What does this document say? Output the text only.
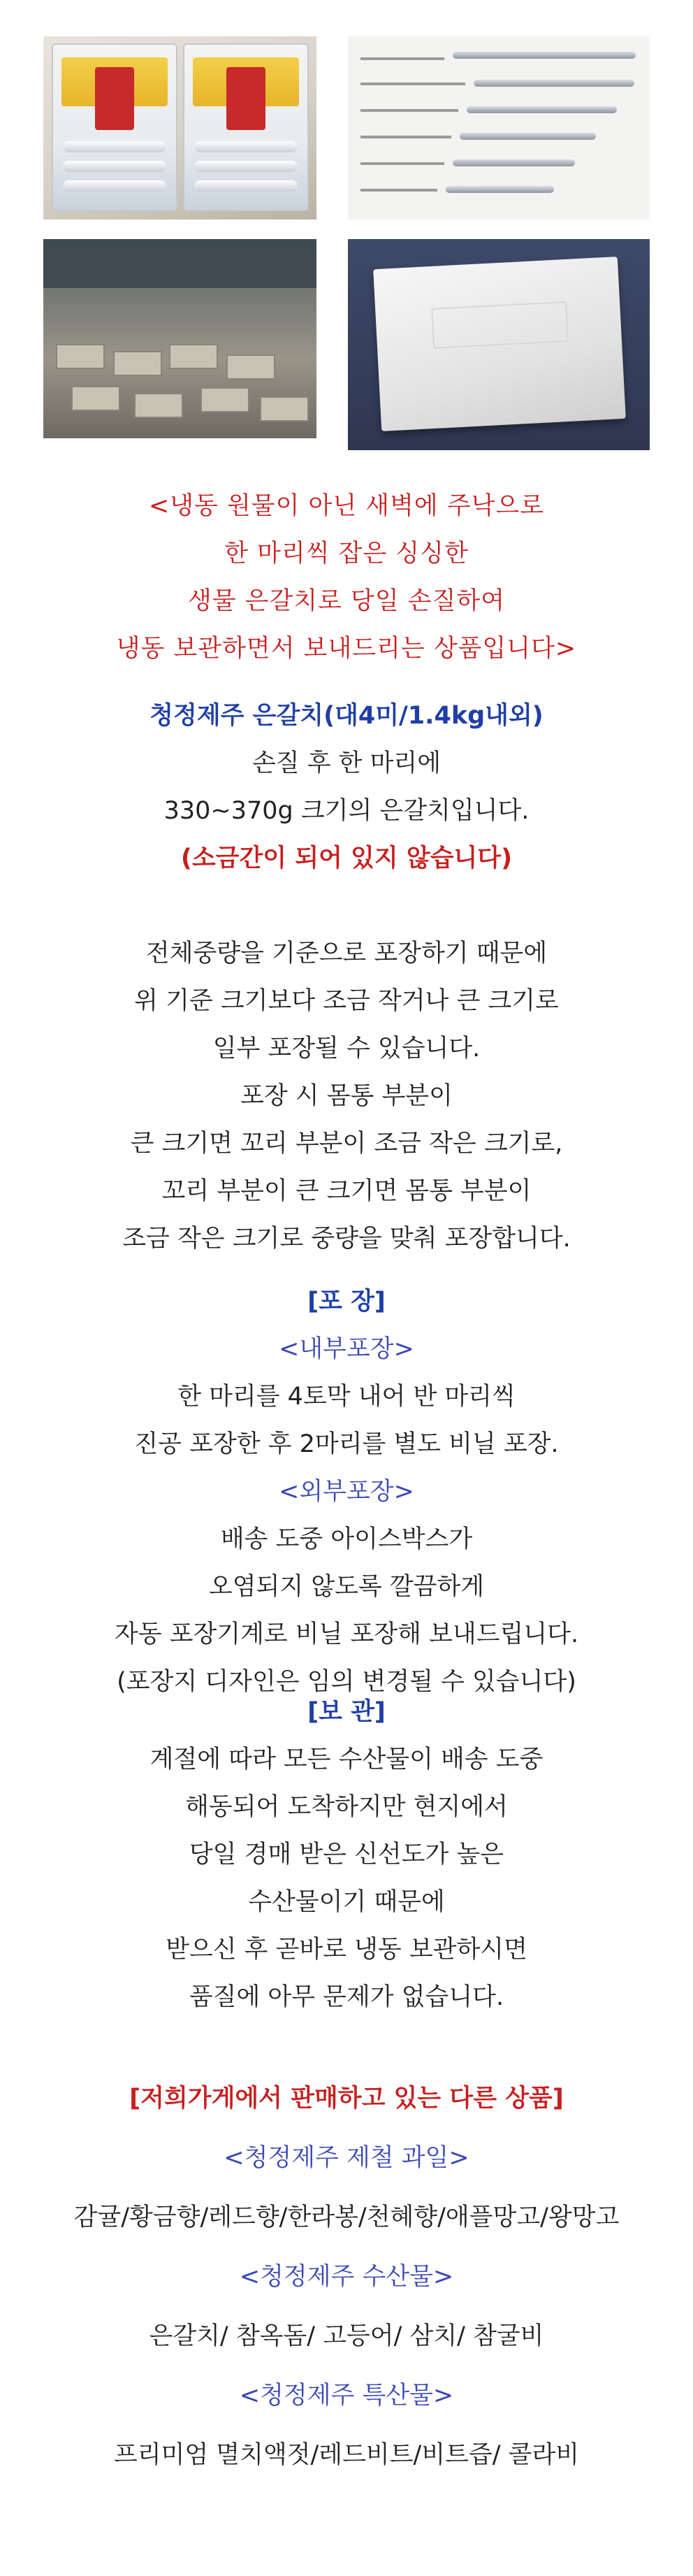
<냉동 원물이 아닌 새벽에 주낙으로
한 마리씩 잡은 싱싱한
생물 은갈치로 당일 손질하여
냉동 보관하면서 보내드리는 상품입니다>
청정제주 은갈치(대4미/1.4kg내외)
손질 후 한 마리에
330~370g 크기의 은갈치입니다.
(소금간이 되어 있지 않습니다)
전체중량을 기준으로 포장하기 때문에
위 기준 크기보다 조금 작거나 큰 크기로
일부 포장될 수 있습니다.
포장 시 몸통 부분이
큰 크기면 꼬리 부분이 조금 작은 크기로,
꼬리 부분이 큰 크기면 몸통 부분이
조금 작은 크기로 중량을 맞춰 포장합니다.
[포 장]
<내부포장>
한 마리를 4토막 내어 반 마리씩
진공 포장한 후 2마리를 별도 비닐 포장.
<외부포장>
배송 도중 아이스박스가
오염되지 않도록 깔끔하게
자동 포장기계로 비닐 포장해 보내드립니다.
(포장지 디자인은 임의 변경될 수 있습니다)
[보 관]
계절에 따라 모든 수산물이 배송 도중
해동되어 도착하지만 현지에서
당일 경매 받은 신선도가 높은
수산물이기 때문에
받으신 후 곧바로 냉동 보관하시면
품질에 아무 문제가 없습니다.
[저희가게에서 판매하고 있는 다른 상품]
<청정제주 제철 과일>
감귤/황금향/레드향/한라봉/천혜향/애플망고/왕망고
<청정제주 수산물>
은갈치/ 참옥돔/ 고등어/ 삼치/ 참굴비
<청정제주 특산물>
프리미엄 멸치액젓/레드비트/비트즙/ 콜라비
